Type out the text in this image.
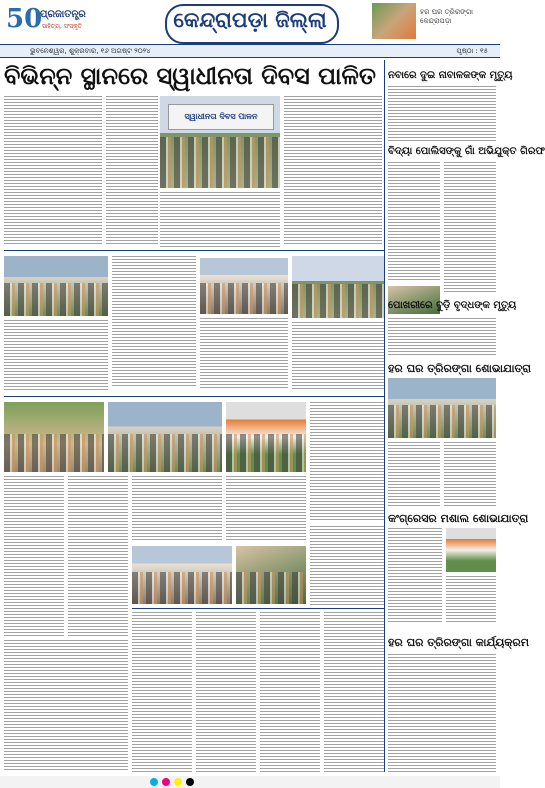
50
ପ୍ରଜାତନ୍ତ୍ର
ସାହିତ୍ୟ, ସଂସ୍କୃତି	କେନ୍ଦ୍ରାପଡ଼ା ଜିଲ୍ଲା	ହର ଘର ତ୍ରିରଙ୍ଗା କେନ୍ଦ୍ରାପଡ଼ା
ଭୁବନେଶ୍ୱର, ଶୁକ୍ରବାର, ୧୬ ଅଗଷ୍ଟ ୨୦୨୪	ପୃଷ୍ଠା : ୧୫
ବିଭିନ୍ନ ସ୍ଥାନରେ ସ୍ୱାଧୀନତା ଦିବସ ପାଳିତ
ସ୍ୱାଧୀନତା ଦିବସ ପାଳନ
ନବାରେ ଦୁଇ ନାବାଳକଙ୍କ ମୃତ୍ୟୁ
ବିଦ୍ୟା ପୋଲିସଙ୍କୁ ଗାଁ ଅଭିଯୁକ୍ତ ଗିରଫ
ପୋଖରୀରେ ବୁଡ଼ି ବୃଦ୍ଧଙ୍କ ମୃତ୍ୟୁ
ହର ଘର ତ୍ରିରଙ୍ଗା ଶୋଭାଯାତ୍ରା
କଂଗ୍ରେସର ମଶାଲ ଶୋଭାଯାତ୍ରା
ହର ଘର ତ୍ରିରଙ୍ଗା କାର୍ଯ୍ୟକ୍ରମ
